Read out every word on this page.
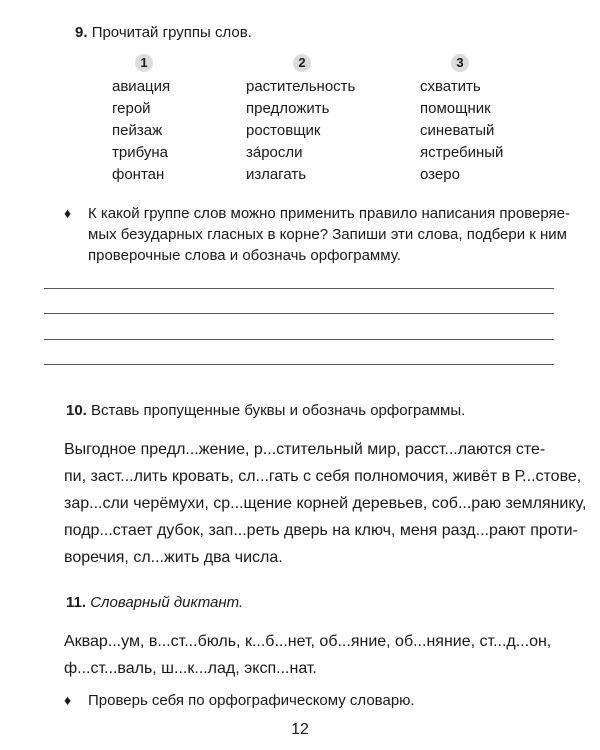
9. Прочитай группы слов.
1	2	3
авиация
герой
пейзаж
трибуна
фонтан
растительность
предложить
ростовщик
за́росли
излагать
схватить
помощник
синеватый
ястребиный
озеро
♦ К какой группе слов можно применить правило написания проверяе-
мых безударных гласных в корне? Запиши эти слова, подбери к ним
проверочные слова и обозначь орфограмму.
10. Вставь пропущенные буквы и обозначь орфограммы.
Выгодное предл...жение, р...стительный мир, расст...лаются сте-
пи, заст...лить кровать, сл...гать с себя полномочия, живёт в Р...стове,
зар...сли черёмухи, ср...щение корней деревьев, соб...раю землянику,
подр...стает дубок, зап...реть дверь на ключ, меня разд...рают проти-
воречия, сл...жить два числа.
11. Словарный диктант.
Аквар...ум, в...ст...бюль, к...б...нет, об...яние, об...няние, ст...д...он,
ф...ст...валь, ш...к...лад, эксп...нат.
♦ Проверь себя по орфографическому словарю.
12
